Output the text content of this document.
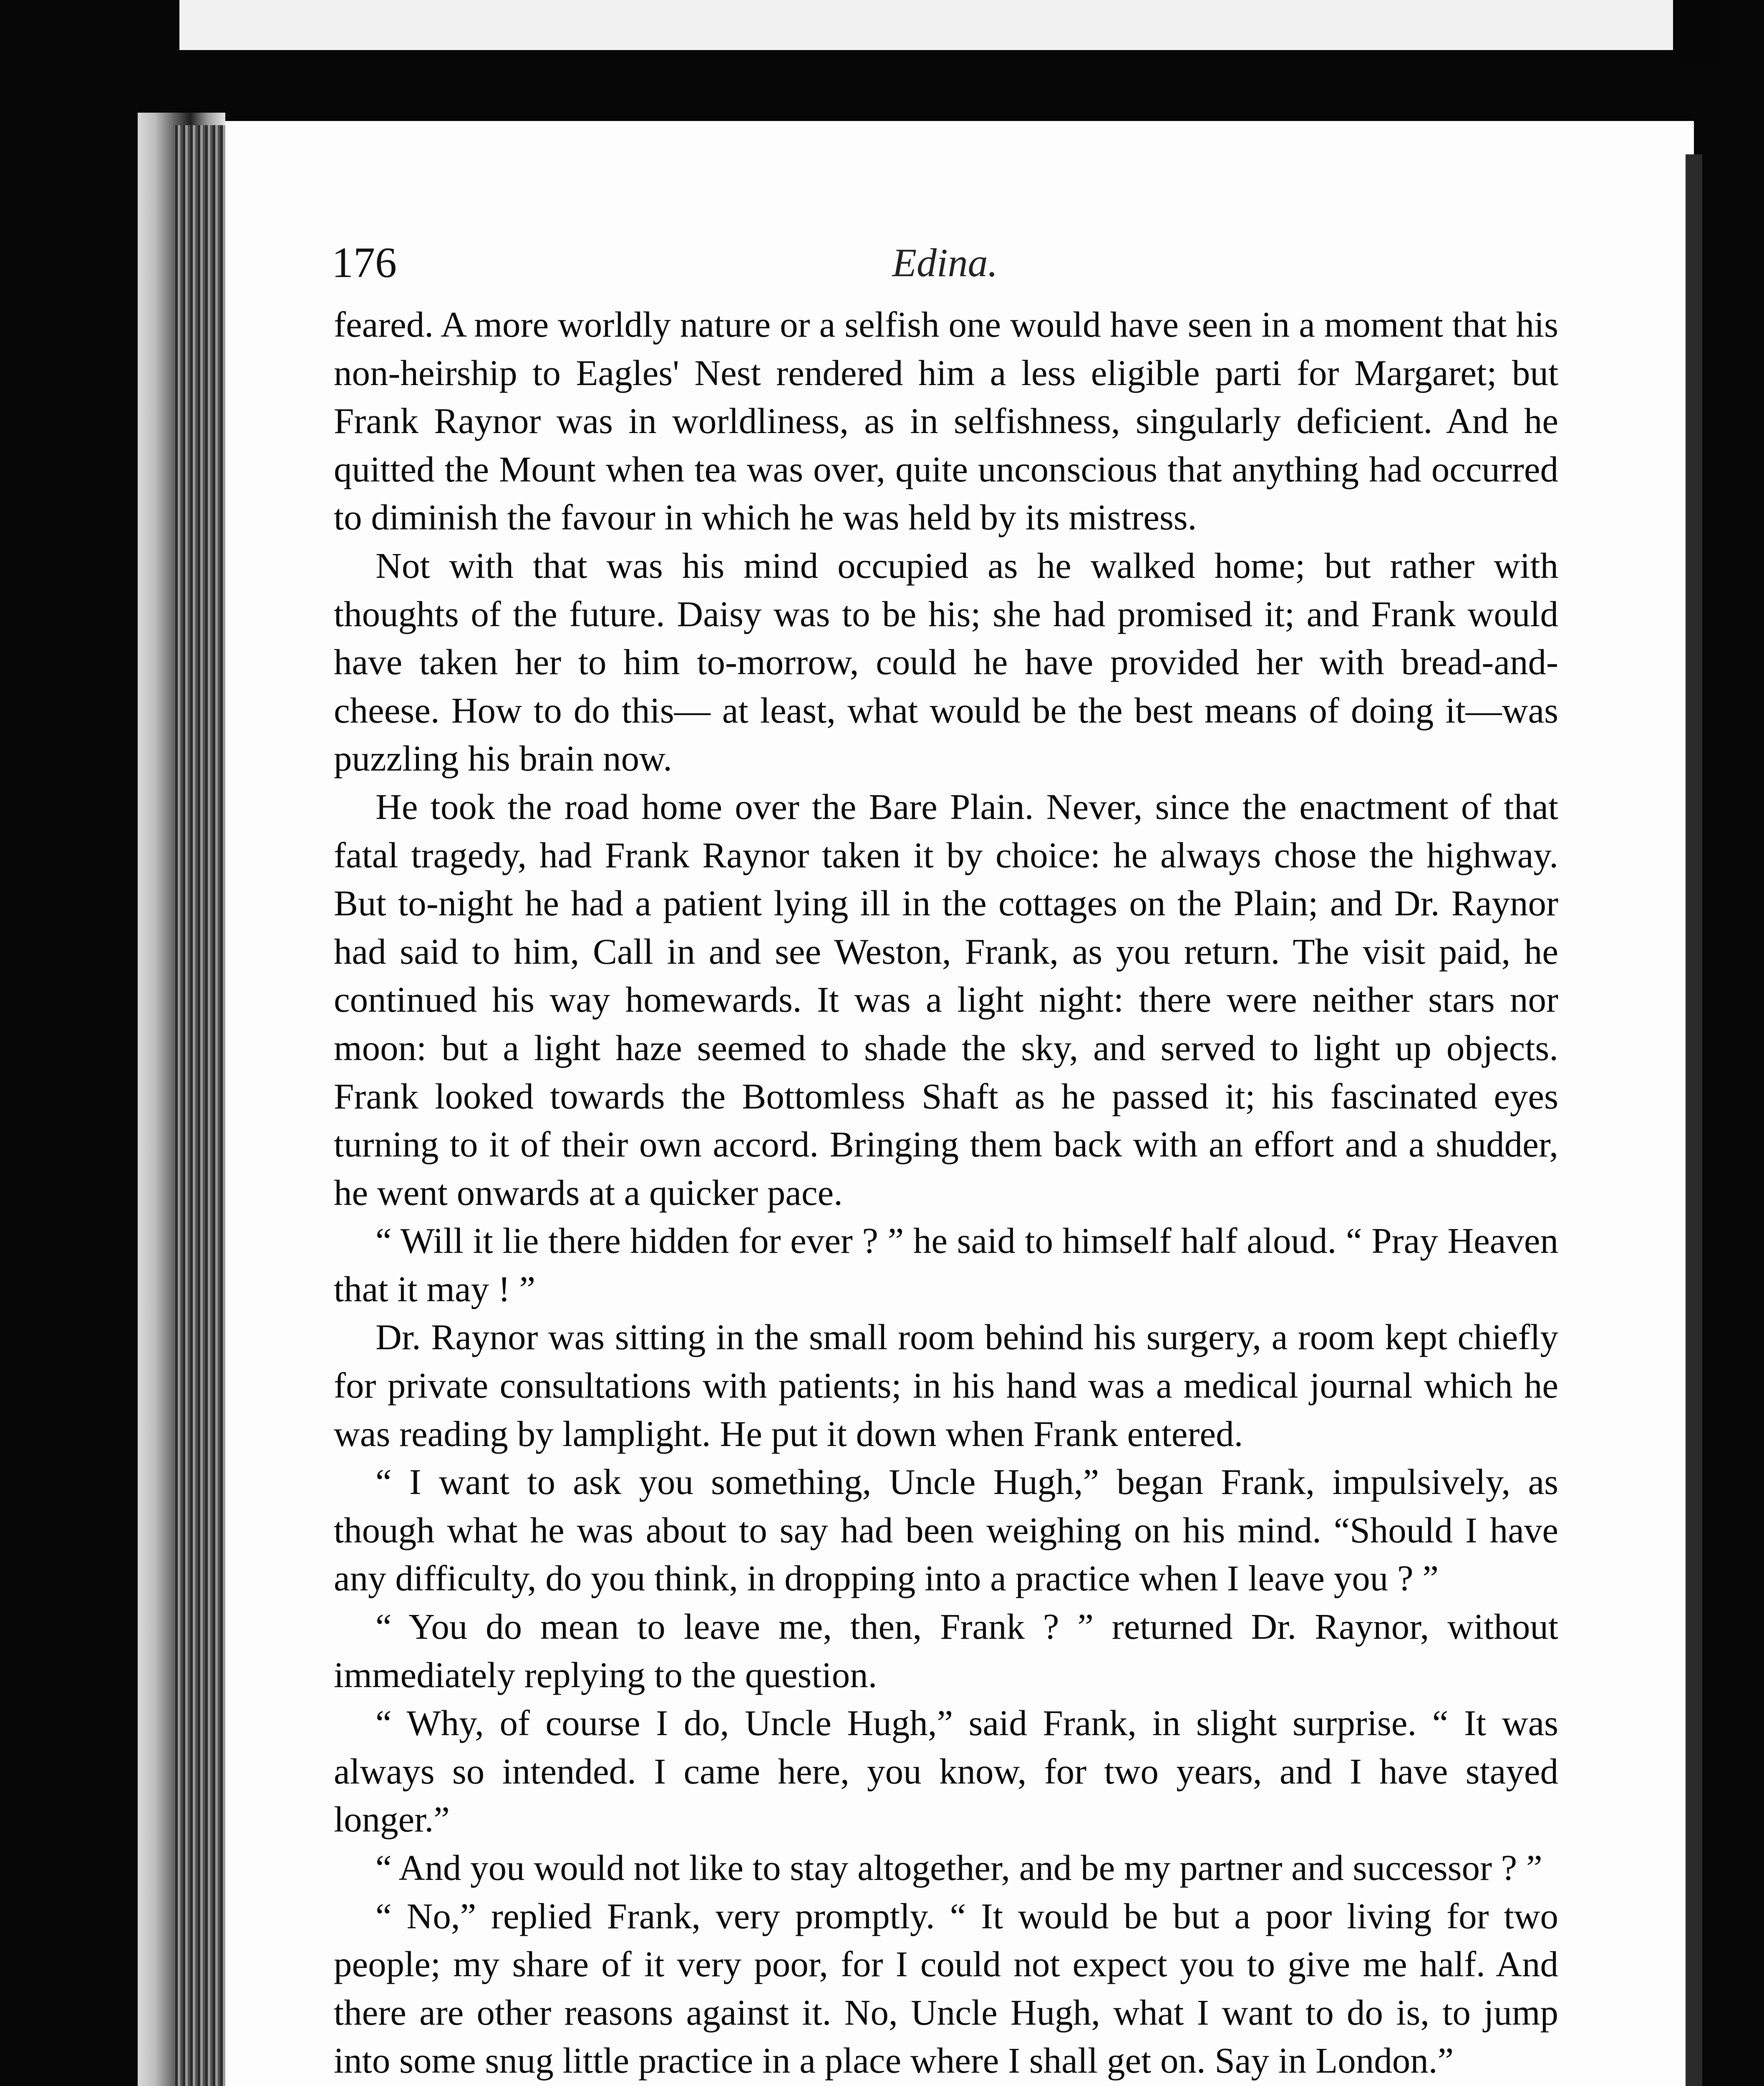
176	Edina.

feared. A more worldly nature or a selfish one would have seen in a moment that his non-heirship to Eagles' Nest rendered him a less eligible parti for Margaret; but Frank Raynor was in worldliness, as in selfishness, singularly deficient. And he quitted the Mount when tea was over, quite unconscious that anything had occurred to diminish the favour in which he was held by its mistress.

Not with that was his mind occupied as he walked home; but rather with thoughts of the future. Daisy was to be his; she had promised it; and Frank would have taken her to him to-morrow, could he have provided her with bread-and-cheese. How to do this— at least, what would be the best means of doing it—was puzzling his brain now.

He took the road home over the Bare Plain. Never, since the enactment of that fatal tragedy, had Frank Raynor taken it by choice: he always chose the highway. But to-night he had a patient lying ill in the cottages on the Plain; and Dr. Raynor had said to him, Call in and see Weston, Frank, as you return. The visit paid, he continued his way homewards. It was a light night: there were neither stars nor moon: but a light haze seemed to shade the sky, and served to light up objects. Frank looked towards the Bottomless Shaft as he passed it; his fascinated eyes turning to it of their own accord. Bringing them back with an effort and a shudder, he went onwards at a quicker pace.

“ Will it lie there hidden for ever ? ” he said to himself half aloud. “ Pray Heaven that it may ! ”

Dr. Raynor was sitting in the small room behind his surgery, a room kept chiefly for private consultations with patients; in his hand was a medical journal which he was reading by lamplight. He put it down when Frank entered.

“ I want to ask you something, Uncle Hugh,” began Frank, impulsively, as though what he was about to say had been weighing on his mind. “Should I have any difficulty, do you think, in dropping into a practice when I leave you ? ”

“ You do mean to leave me, then, Frank ? ” returned Dr. Raynor, without immediately replying to the question.

“ Why, of course I do, Uncle Hugh,” said Frank, in slight surprise. “ It was always so intended. I came here, you know, for two years, and I have stayed longer.”

“ And you would not like to stay altogether, and be my partner and successor ? ”

“ No,” replied Frank, very promptly. “ It would be but a poor living for two people; my share of it very poor, for I could not expect you to give me half. And there are other reasons against it. No, Uncle Hugh, what I want to do is, to jump into some snug little practice in a place where I shall get on. Say in London.”
